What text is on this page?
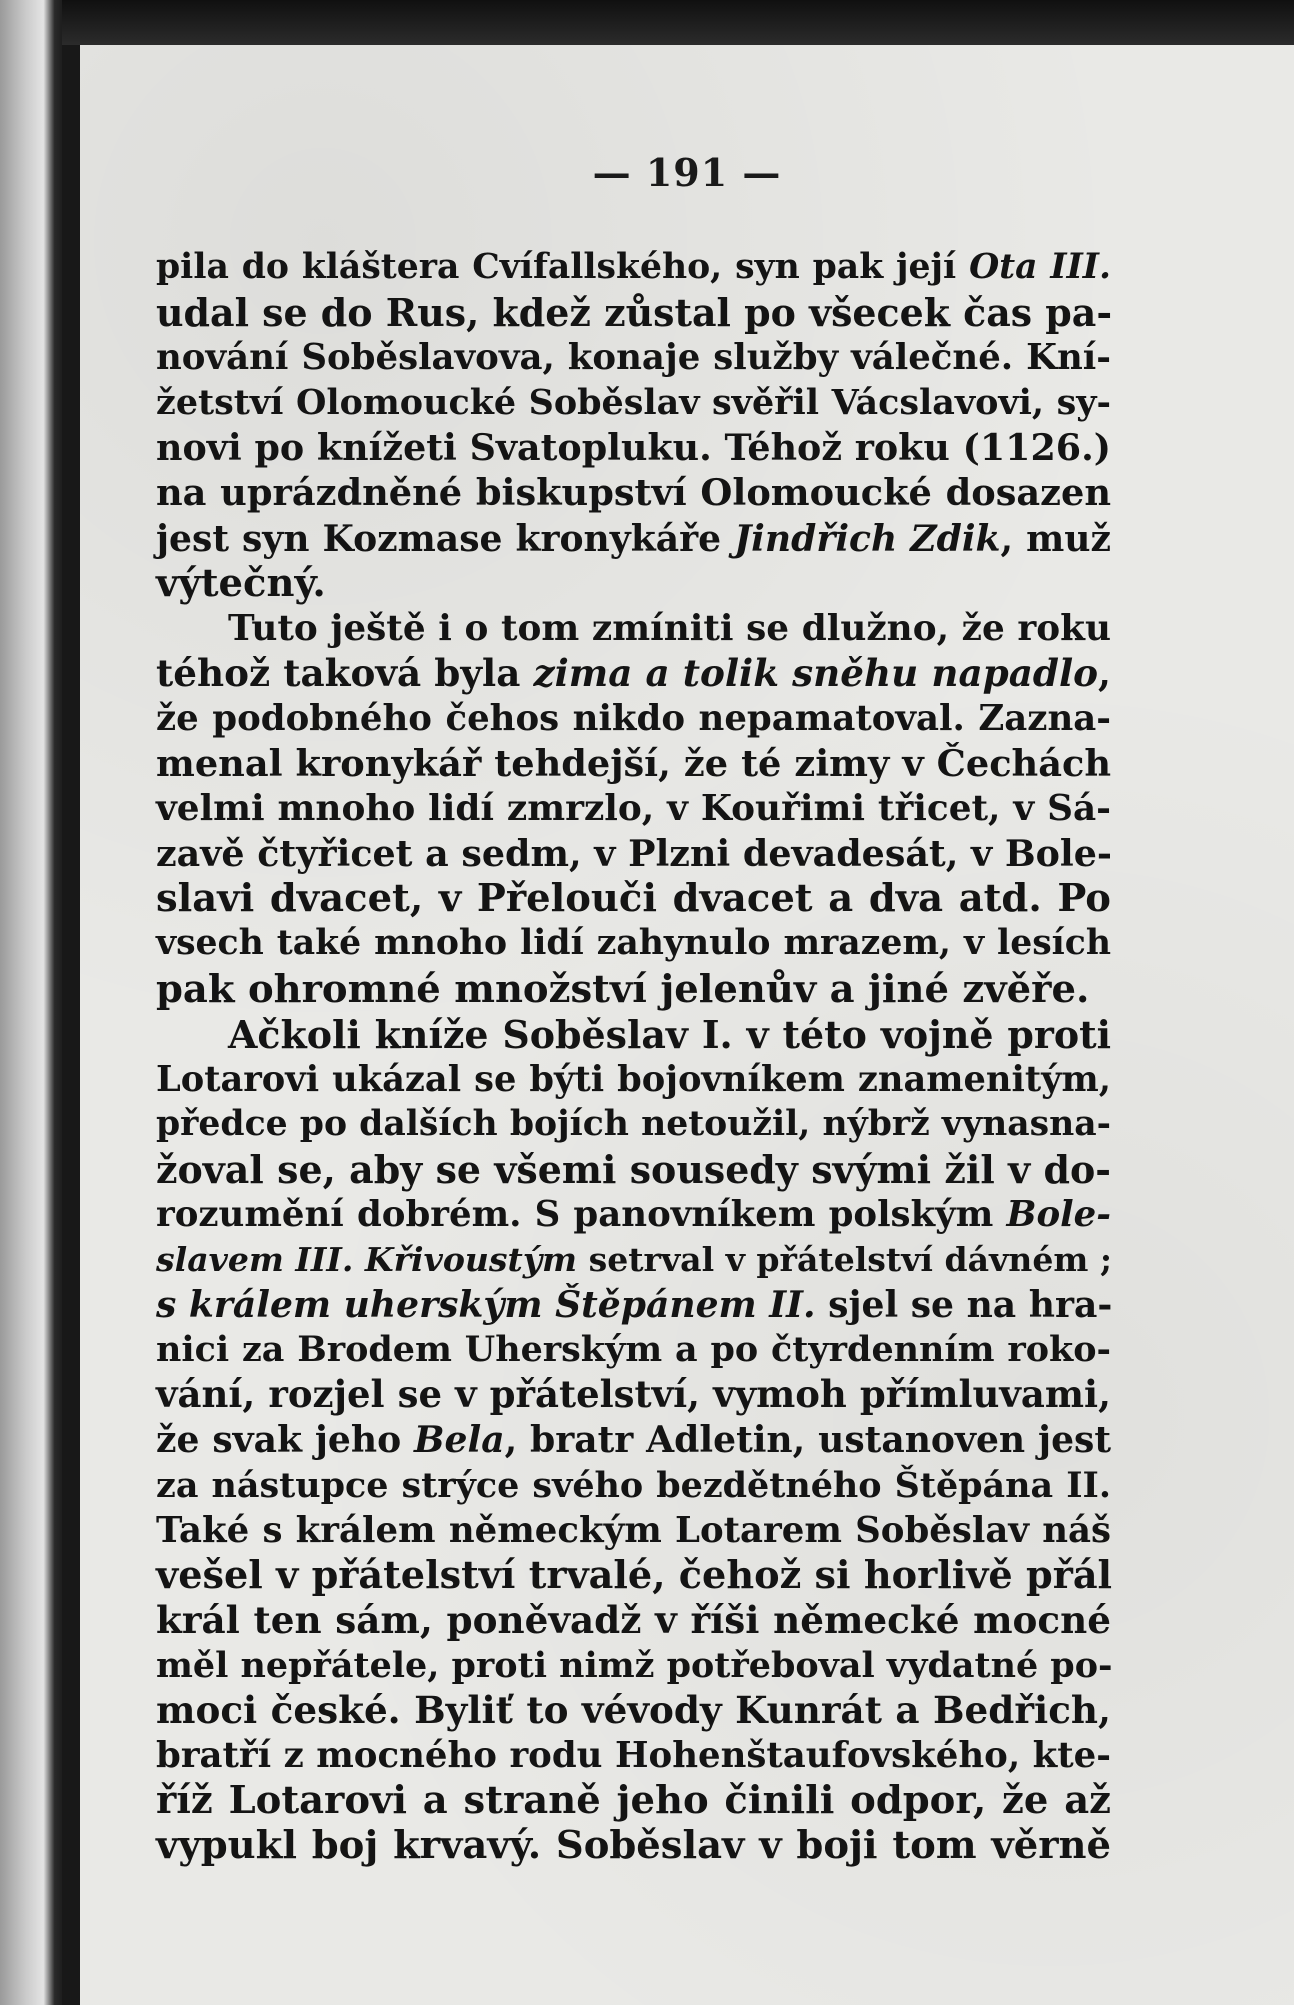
— 191 —
pila do kláštera Cvífallského, syn pak její Ota III.
udal se do Rus, kdež zůstal po všecek čas pa-
nování Soběslavova, konaje služby válečné. Kní-
žetství Olomoucké Soběslav svěřil Vácslavovi, sy-
novi po knížeti Svatopluku. Téhož roku (1126.)
na uprázdněné biskupství Olomoucké dosazen
jest syn Kozmase kronykáře Jindřich Zdik, muž
výtečný.
Tuto ještě i o tom zmíniti se dlužno, že roku
téhož taková byla zima a tolik sněhu napadlo,
že podobného čehos nikdo nepamatoval. Zazna-
menal kronykář tehdejší, že té zimy v Čechách
velmi mnoho lidí zmrzlo, v Kouřimi třicet, v Sá-
zavě čtyřicet a sedm, v Plzni devadesát, v Bole-
slavi dvacet, v Přelouči dvacet a dva atd. Po
vsech také mnoho lidí zahynulo mrazem, v lesích
pak ohromné množství jelenův a jiné zvěře.
Ačkoli kníže Soběslav I. v této vojně proti
Lotarovi ukázal se býti bojovníkem znamenitým,
předce po dalších bojích netoužil, nýbrž vynasna-
žoval se, aby se všemi sousedy svými žil v do-
rozumění dobrém. S panovníkem polským Bole-
slavem III. Křivoustým setrval v přátelství dávném ;
s králem uherským Štěpánem II. sjel se na hra-
nici za Brodem Uherským a po čtyrdenním roko-
vání, rozjel se v přátelství, vymoh přímluvami,
že svak jeho Bela, bratr Adletin, ustanoven jest
za nástupce strýce svého bezdětného Štěpána II.
Také s králem německým Lotarem Soběslav náš
vešel v přátelství trvalé, čehož si horlivě přál
král ten sám, poněvadž v říši německé mocné
měl nepřátele, proti nimž potřeboval vydatné po-
moci české. Byliť to vévody Kunrát a Bedřich,
bratří z mocného rodu Hohenštaufovského, kte-
říž Lotarovi a straně jeho činili odpor, že až
vypukl boj krvavý. Soběslav v boji tom věrně
